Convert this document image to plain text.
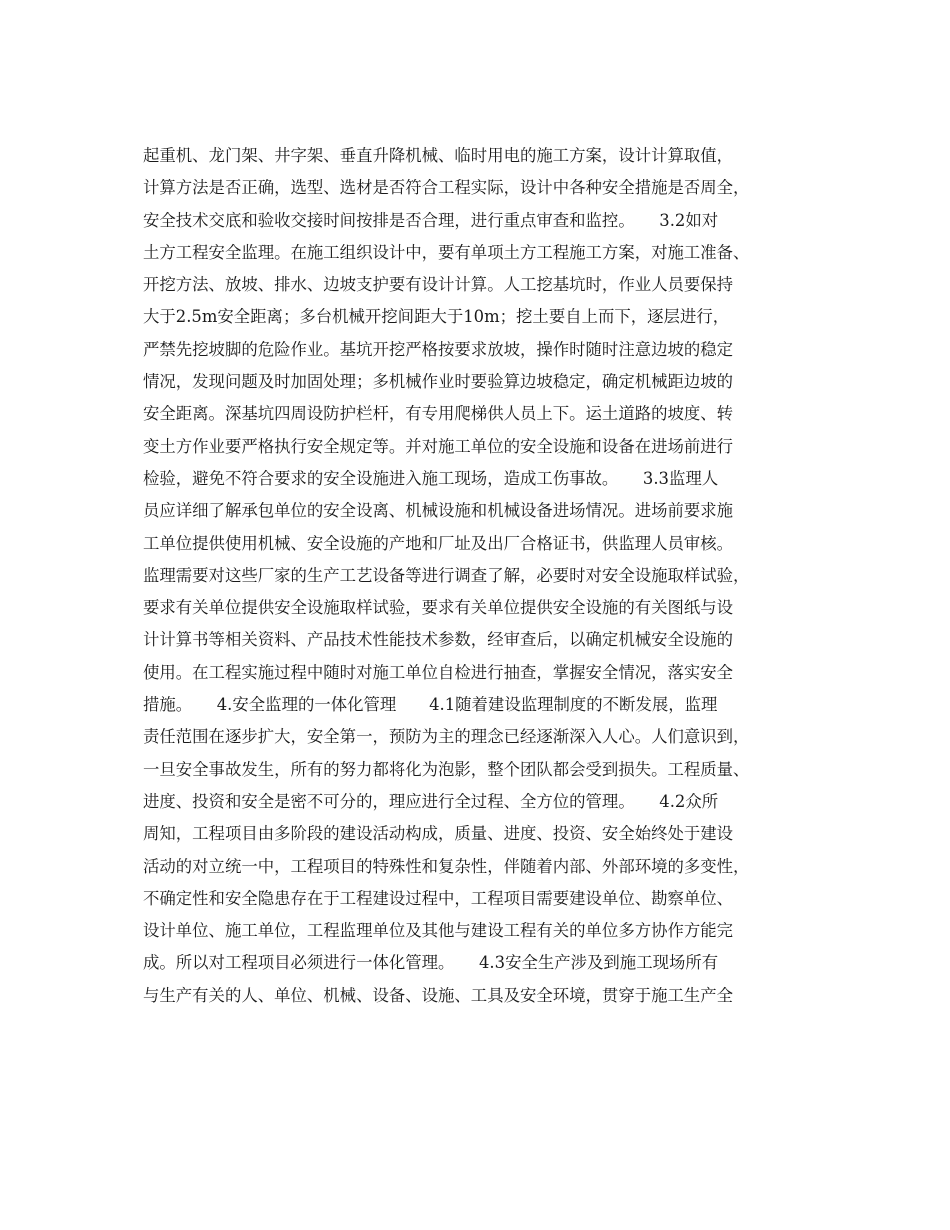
起重机、龙门架、井字架、垂直升降机械、临时用电的施工方案，设计计算取值，
计算方法是否正确，选型、选材是否符合工程实际，设计中各种安全措施是否周全，
安全技术交底和验收交接时间按排是否合理，进行重点审查和监控。　　3.2如对
土方工程安全监理。在施工组织设计中，要有单项土方工程施工方案，对施工准备、
开挖方法、放坡、排水、边坡支护要有设计计算。人工挖基坑时，作业人员要保持
大于2.5m安全距离；多台机械开挖间距大于10m；挖土要自上而下，逐层进行，
严禁先挖坡脚的危险作业。基坑开挖严格按要求放坡，操作时随时注意边坡的稳定
情况，发现问题及时加固处理；多机械作业时要验算边坡稳定，确定机械距边坡的
安全距离。深基坑四周设防护栏杆，有专用爬梯供人员上下。运土道路的坡度、转
变土方作业要严格执行安全规定等。并对施工单位的安全设施和设备在进场前进行
检验，避免不符合要求的安全设施进入施工现场，造成工伤事故。　　3.3监理人
员应详细了解承包单位的安全设离、机械设施和机械设备进场情况。进场前要求施
工单位提供使用机械、安全设施的产地和厂址及出厂合格证书，供监理人员审核。
监理需要对这些厂家的生产工艺设备等进行调查了解，必要时对安全设施取样试验，
要求有关单位提供安全设施取样试验，要求有关单位提供安全设施的有关图纸与设
计计算书等相关资料、产品技术性能技术参数，经审查后，以确定机械安全设施的
使用。在工程实施过程中随时对施工单位自检进行抽查，掌握安全情况，落实安全
措施。　　4.安全监理的一体化管理　　4.1随着建设监理制度的不断发展，监理
责任范围在逐步扩大，安全第一，预防为主的理念已经逐渐深入人心。人们意识到，
一旦安全事故发生，所有的努力都将化为泡影，整个团队都会受到损失。工程质量、
进度、投资和安全是密不可分的，理应进行全过程、全方位的管理。　　4.2众所
周知，工程项目由多阶段的建设活动构成，质量、进度、投资、安全始终处于建设
活动的对立统一中，工程项目的特殊性和复杂性，伴随着内部、外部环境的多变性，
不确定性和安全隐患存在于工程建设过程中，工程项目需要建设单位、勘察单位、
设计单位、施工单位，工程监理单位及其他与建设工程有关的单位多方协作方能完
成。所以对工程项目必须进行一体化管理。　　4.3安全生产涉及到施工现场所有
与生产有关的人、单位、机械、设备、设施、工具及安全环境，贯穿于施工生产全
